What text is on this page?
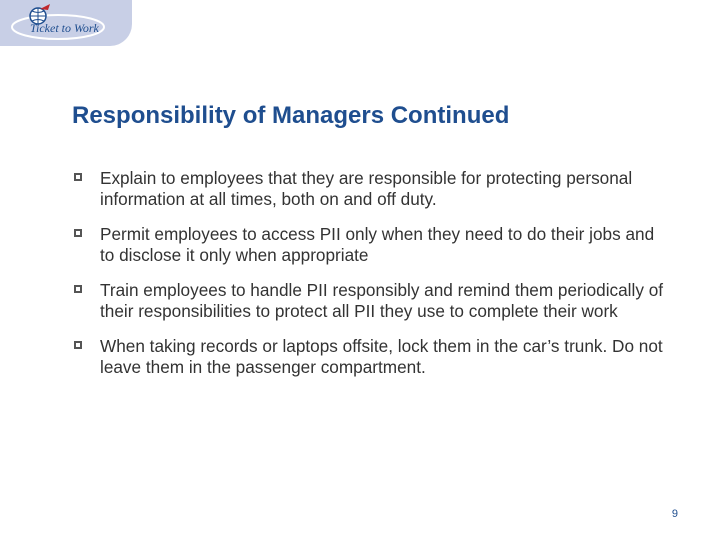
Ticket to Work
Responsibility of Managers Continued
Explain to employees that they are responsible for protecting personal information at all times, both on and off duty.
Permit employees to access PII only when they need to do their jobs and to disclose it only when appropriate
Train employees to handle PII responsibly and remind them periodically of their responsibilities to protect all PII they use to complete their work
When taking records or laptops offsite, lock them in the car’s trunk. Do not leave them in the passenger compartment.
9
